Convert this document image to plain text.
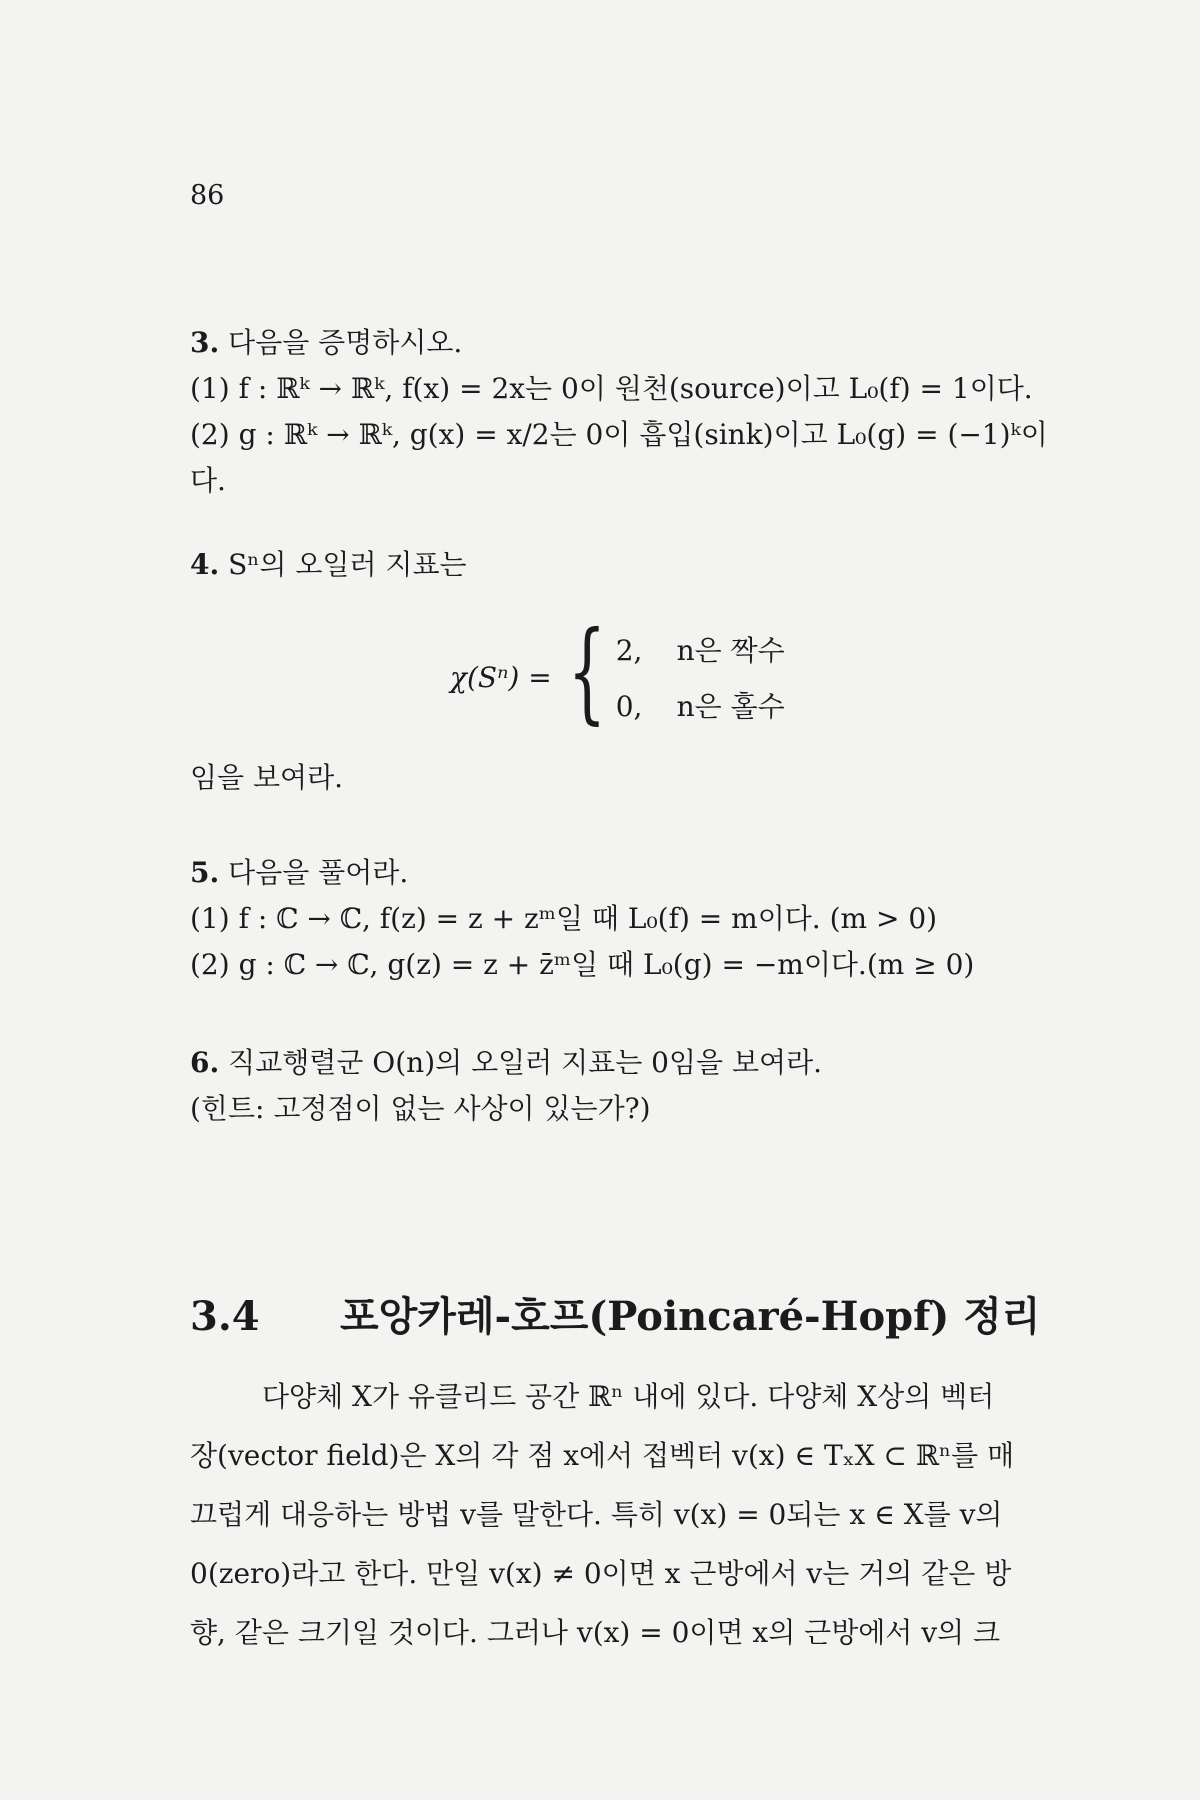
86
3. 다음을 증명하시오.
(1) f : ℝᵏ → ℝᵏ, f(x) = 2x는 0이 원천(source)이고 L₀(f) = 1이다.
(2) g : ℝᵏ → ℝᵏ, g(x) = x/2는 0이 흡입(sink)이고 L₀(g) = (−1)ᵏ이
다.
4. Sⁿ의 오일러 지표는
χ(Sⁿ) = { 2, n은 짝수
0, n은 홀수
임을 보여라.
5. 다음을 풀어라.
(1) f : ℂ → ℂ, f(z) = z + zᵐ일 때 L₀(f) = m이다. (m > 0)
(2) g : ℂ → ℂ, g(z) = z + z̄ᵐ일 때 L₀(g) = −m이다.(m ≥ 0)
6. 직교행렬군 O(n)의 오일러 지표는 0임을 보여라.
(힌트: 고정점이 없는 사상이 있는가?)
3.4 포앙카레-호프(Poincaré-Hopf) 정리
다양체 X가 유클리드 공간 ℝⁿ 내에 있다. 다양체 X상의 벡터
장(vector field)은 X의 각 점 x에서 접벡터 v(x) ∈ TₓX ⊂ ℝⁿ를 매
끄럽게 대응하는 방법 v를 말한다. 특히 v(x) = 0되는 x ∈ X를 v의
0(zero)라고 한다. 만일 v(x) ≠ 0이면 x 근방에서 v는 거의 같은 방
향, 같은 크기일 것이다. 그러나 v(x) = 0이면 x의 근방에서 v의 크
